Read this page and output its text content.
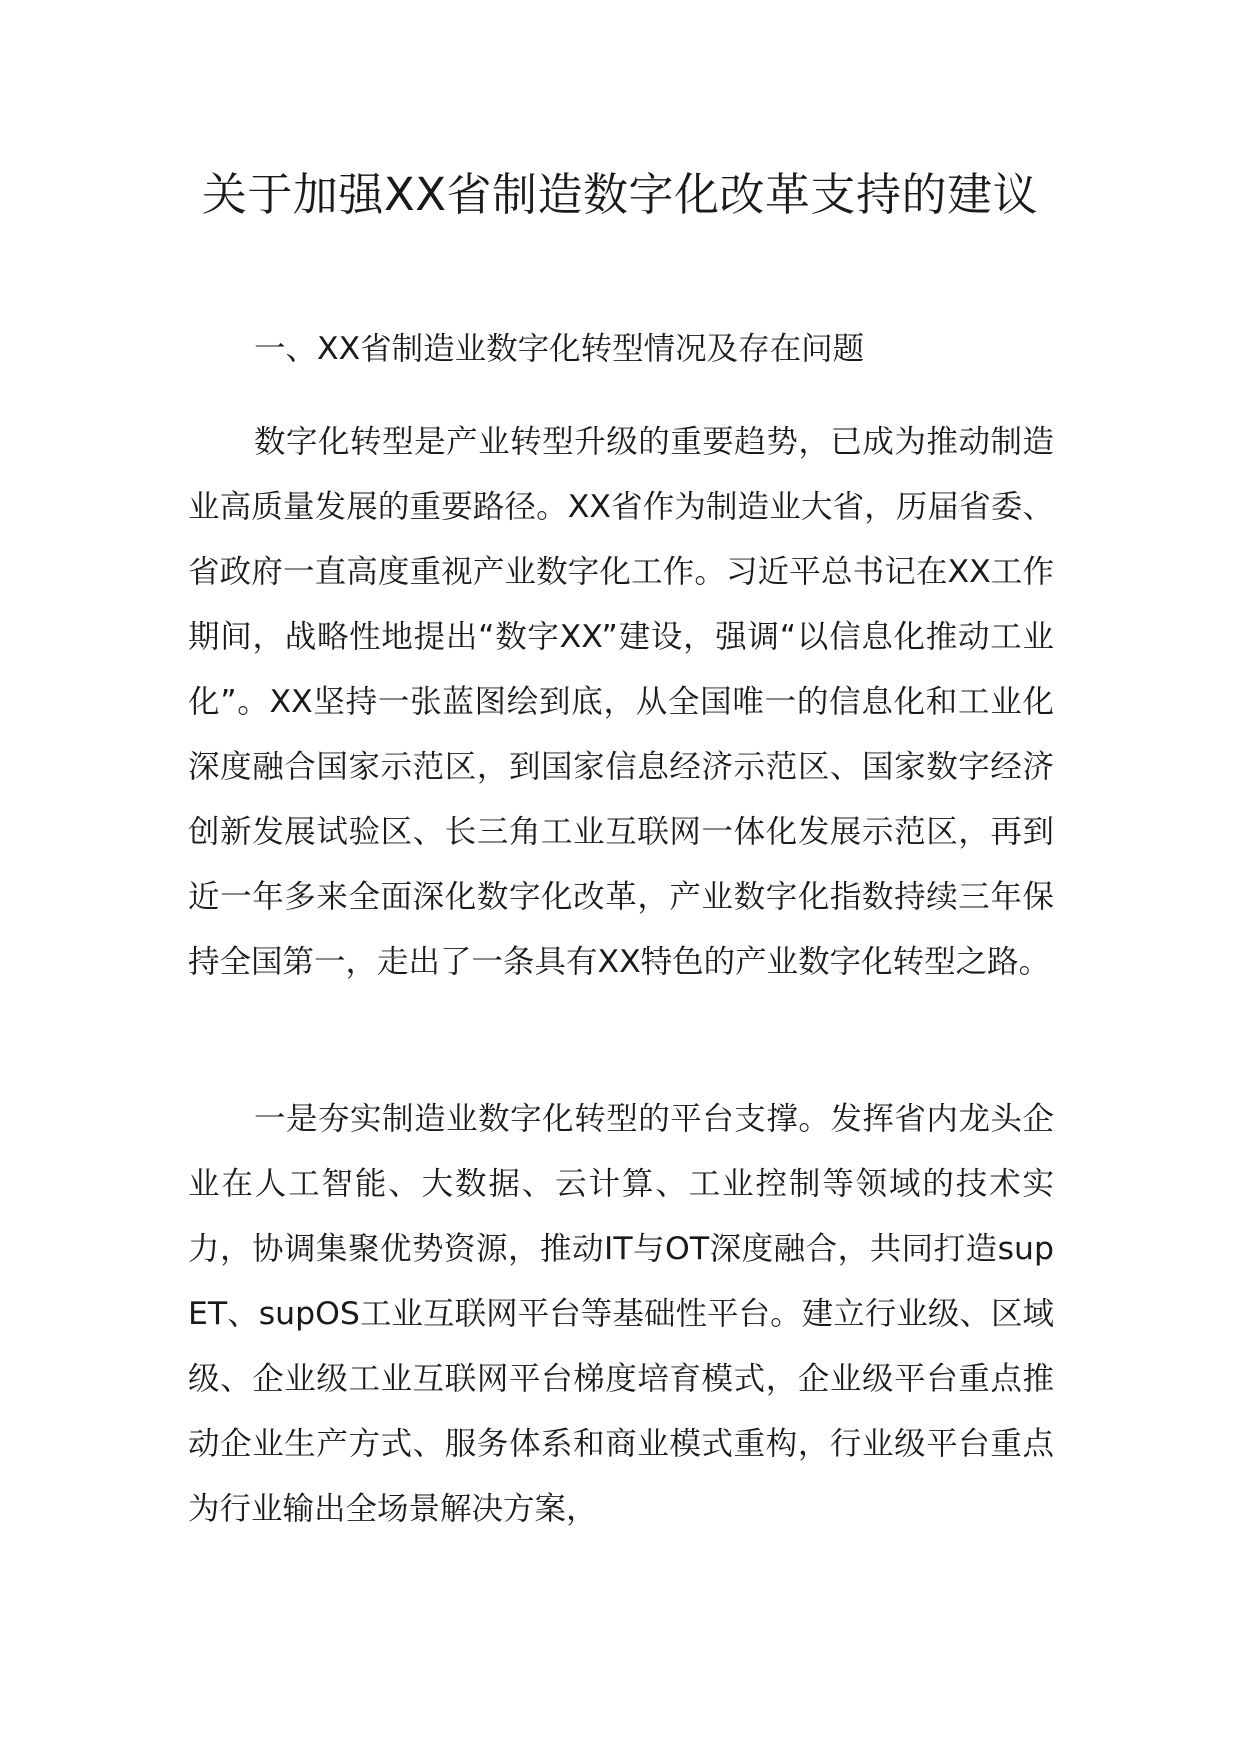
关于加强XX省制造数字化改革支持的建议

一、XX省制造业数字化转型情况及存在问题

数字化转型是产业转型升级的重要趋势，已成为推动制造业高质量发展的重要路径。XX省作为制造业大省，历届省委、省政府一直高度重视产业数字化工作。习近平总书记在XX工作期间，战略性地提出“数字XX”建设，强调“以信息化推动工业化”。XX坚持一张蓝图绘到底，从全国唯一的信息化和工业化深度融合国家示范区，到国家信息经济示范区、国家数字经济创新发展试验区、长三角工业互联网一体化发展示范区，再到近一年多来全面深化数字化改革，产业数字化指数持续三年保持全国第一，走出了一条具有XX特色的产业数字化转型之路。

一是夯实制造业数字化转型的平台支撑。发挥省内龙头企业在人工智能、大数据、云计算、工业控制等领域的技术实力，协调集聚优势资源，推动IT与OT深度融合，共同打造supET、supOS工业互联网平台等基础性平台。建立行业级、区域级、企业级工业互联网平台梯度培育模式，企业级平台重点推动企业生产方式、服务体系和商业模式重构，行业级平台重点为行业输出全场景解决方案，
